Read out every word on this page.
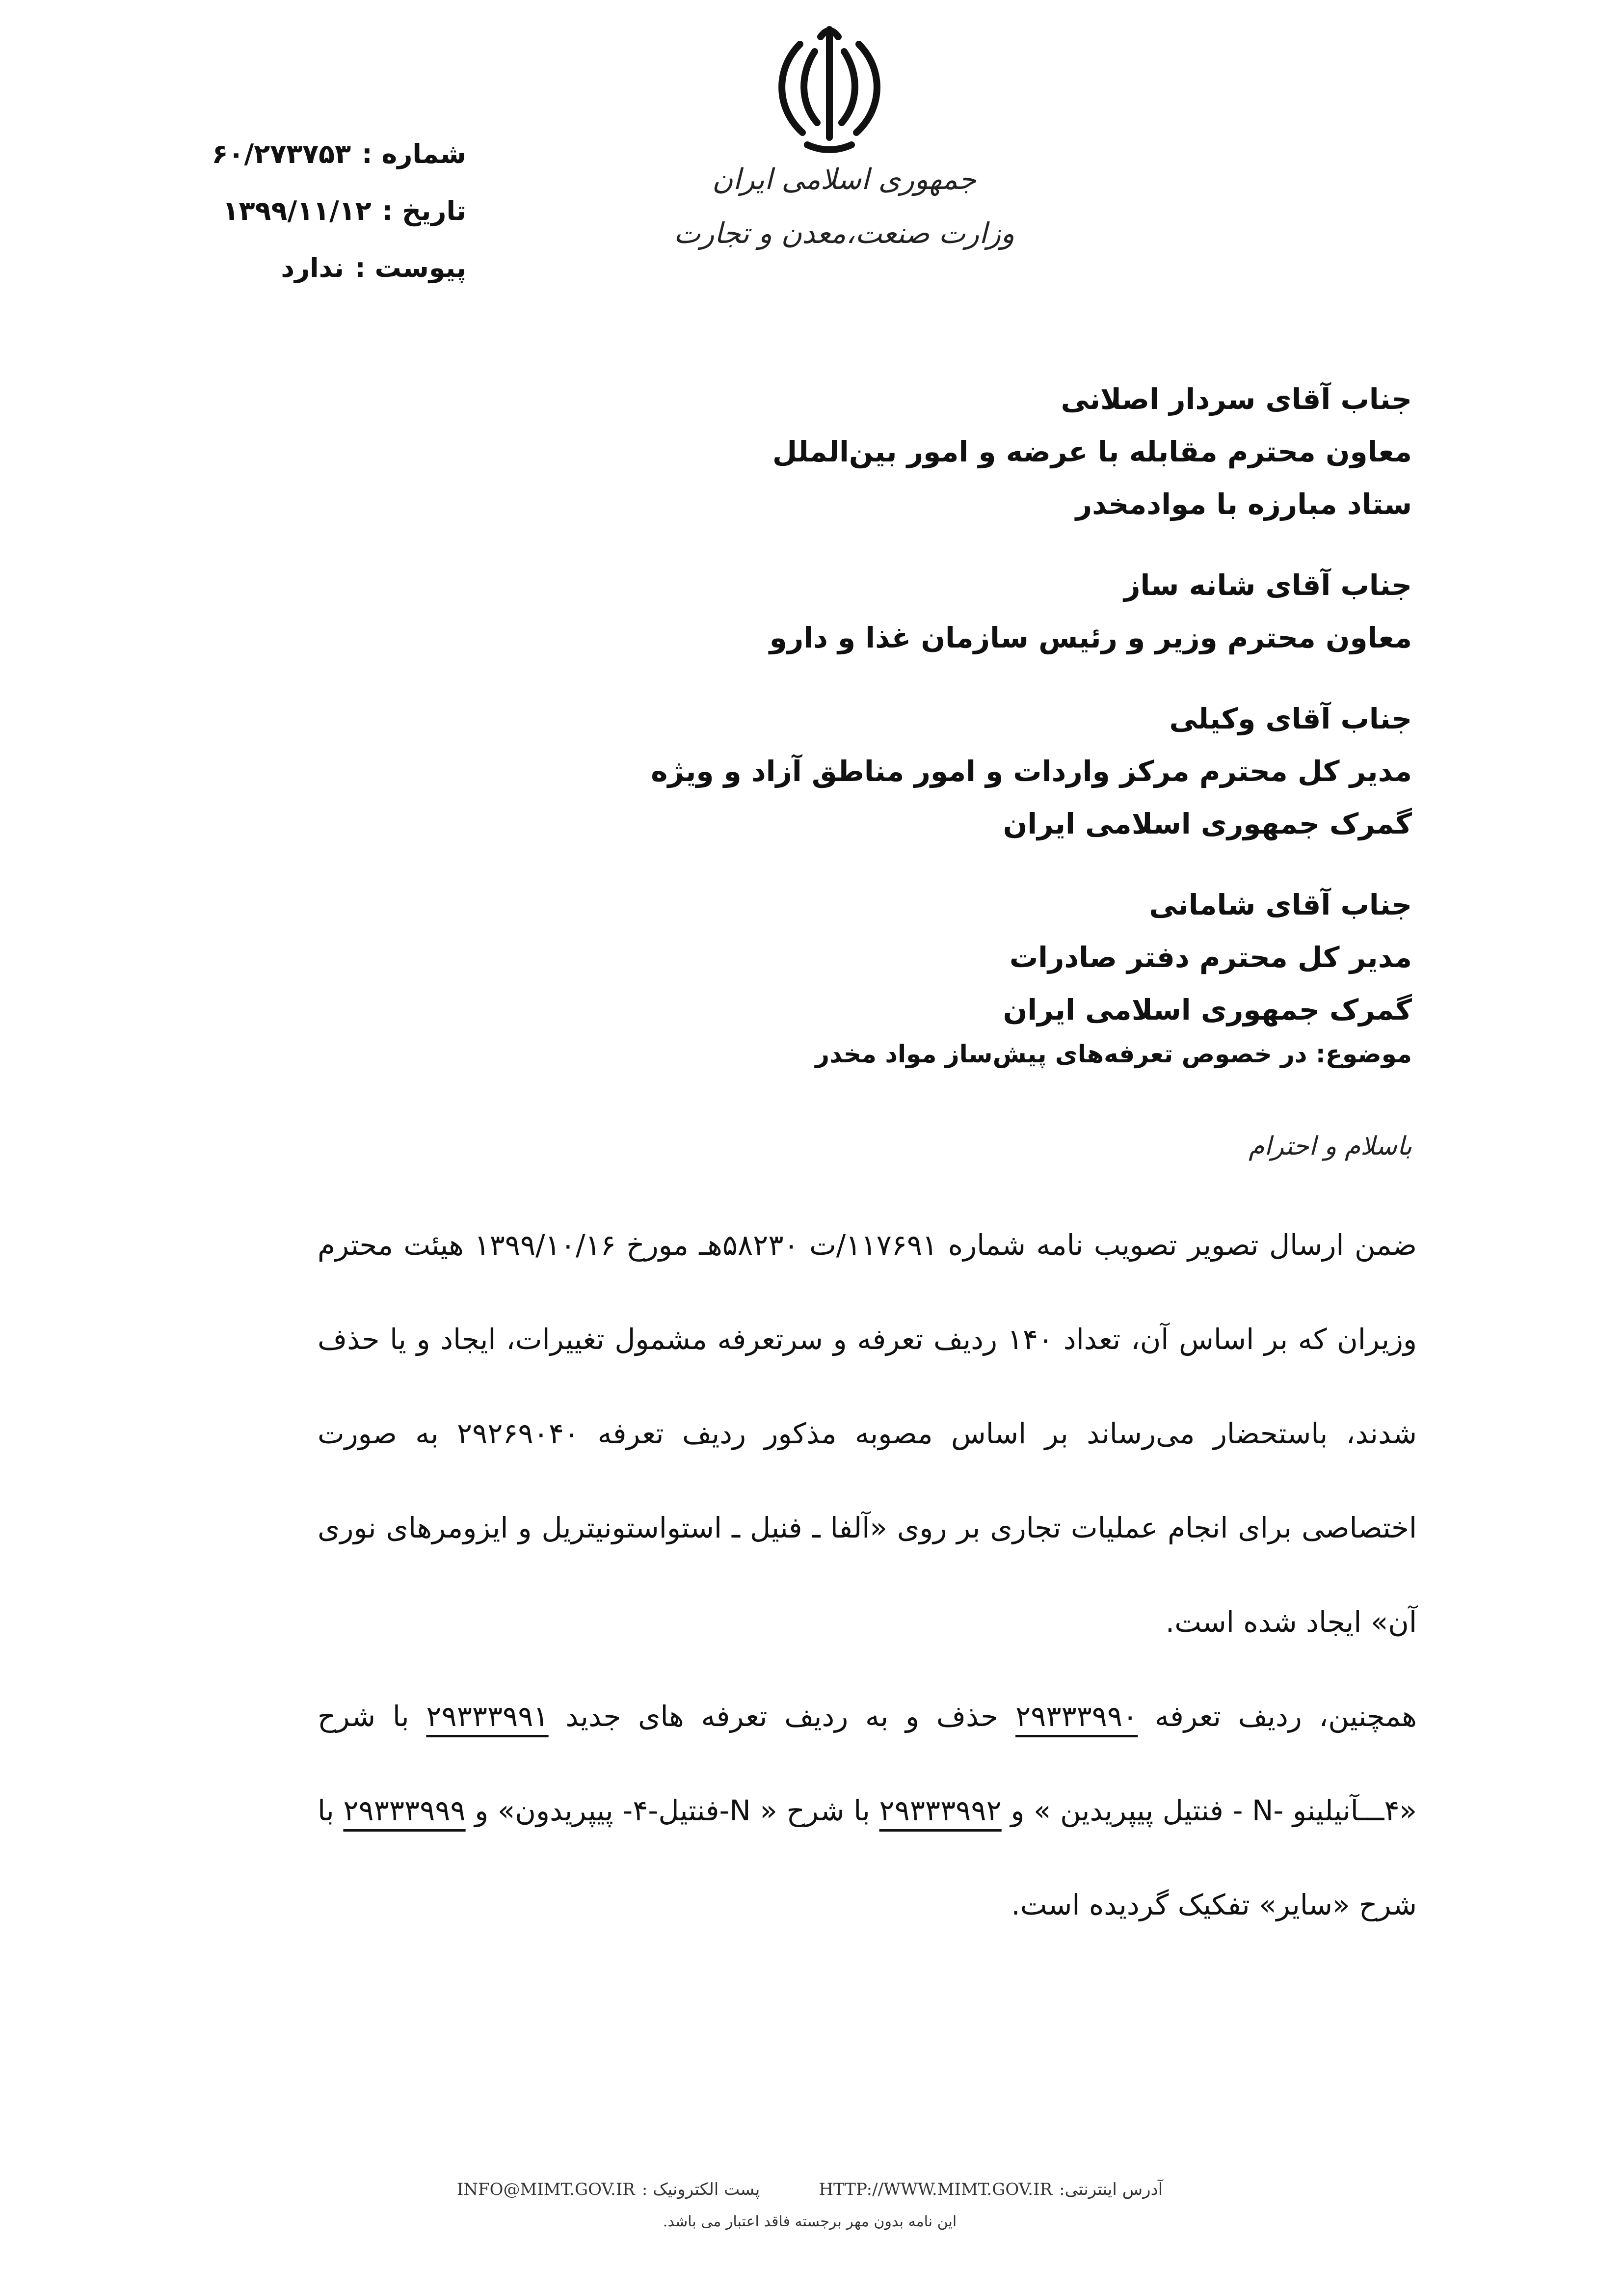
جمهوری اسلامی ایران
وزارت صنعت،معدن و تجارت
شماره :
۶۰/۲۷۳۷۵۳
تاریخ :
۱۳۹۹/۱۱/۱۲
پیوست :
ندارد
جناب آقای سردار اصلانی
معاون محترم مقابله با عرضه و امور بین‌الملل
ستاد مبارزه با موادمخدر
جناب آقای شانه ساز
معاون محترم وزیر و رئیس سازمان غذا و دارو
جناب آقای وکیلی
مدیر کل محترم مرکز واردات و امور مناطق آزاد و ویژه
گمرک جمهوری اسلامی ایران
جناب آقای شامانی
مدیر کل محترم دفتر صادرات
گمرک جمهوری اسلامی ایران
موضوع: در خصوص تعرفه‌های پیش‌ساز مواد مخدر
باسلام و احترام

ضمن ارسال تصویر تصویب نامه شماره ۱۱۷۶۹۱/ت ۵۸۲۳۰هـ مورخ ۱۳۹۹/۱۰/۱۶ هیئت محترم وزیران که بر اساس آن، تعداد ۱۴۰ ردیف تعرفه و سرتعرفه مشمول تغییرات، ایجاد و یا حذف شدند، باستحضار می‌رساند بر اساس مصوبه مذکور ردیف تعرفه ۲۹۲۶۹۰۴۰ به صورت اختصاصی برای انجام عملیات تجاری بر روی «آلفا ـ فنیل ـ استواستونیتریل و ایزومرهای نوری آن» ایجاد شده است.

همچنین، ردیف تعرفه ۲۹۳۳۳۹۹۰ حذف و به ردیف تعرفه های جدید ۲۹۳۳۳۹۹۱ با شرح «۴ـــآنیلینو -N - فنتیل پیپریدین » و ۲۹۳۳۳۹۹۲ با شرح « N-فنتیل-۴- پیپریدون» و ۲۹۳۳۳۹۹۹ با شرح «سایر» تفکیک گردیده است.

INFO@MIMT.GOV.IR پست الکترونیک :	HTTP://WWW.MIMT.GOV.IR آدرس اینترنتی:
این نامه بدون مهر برجسته فاقد اعتبار می باشد.
